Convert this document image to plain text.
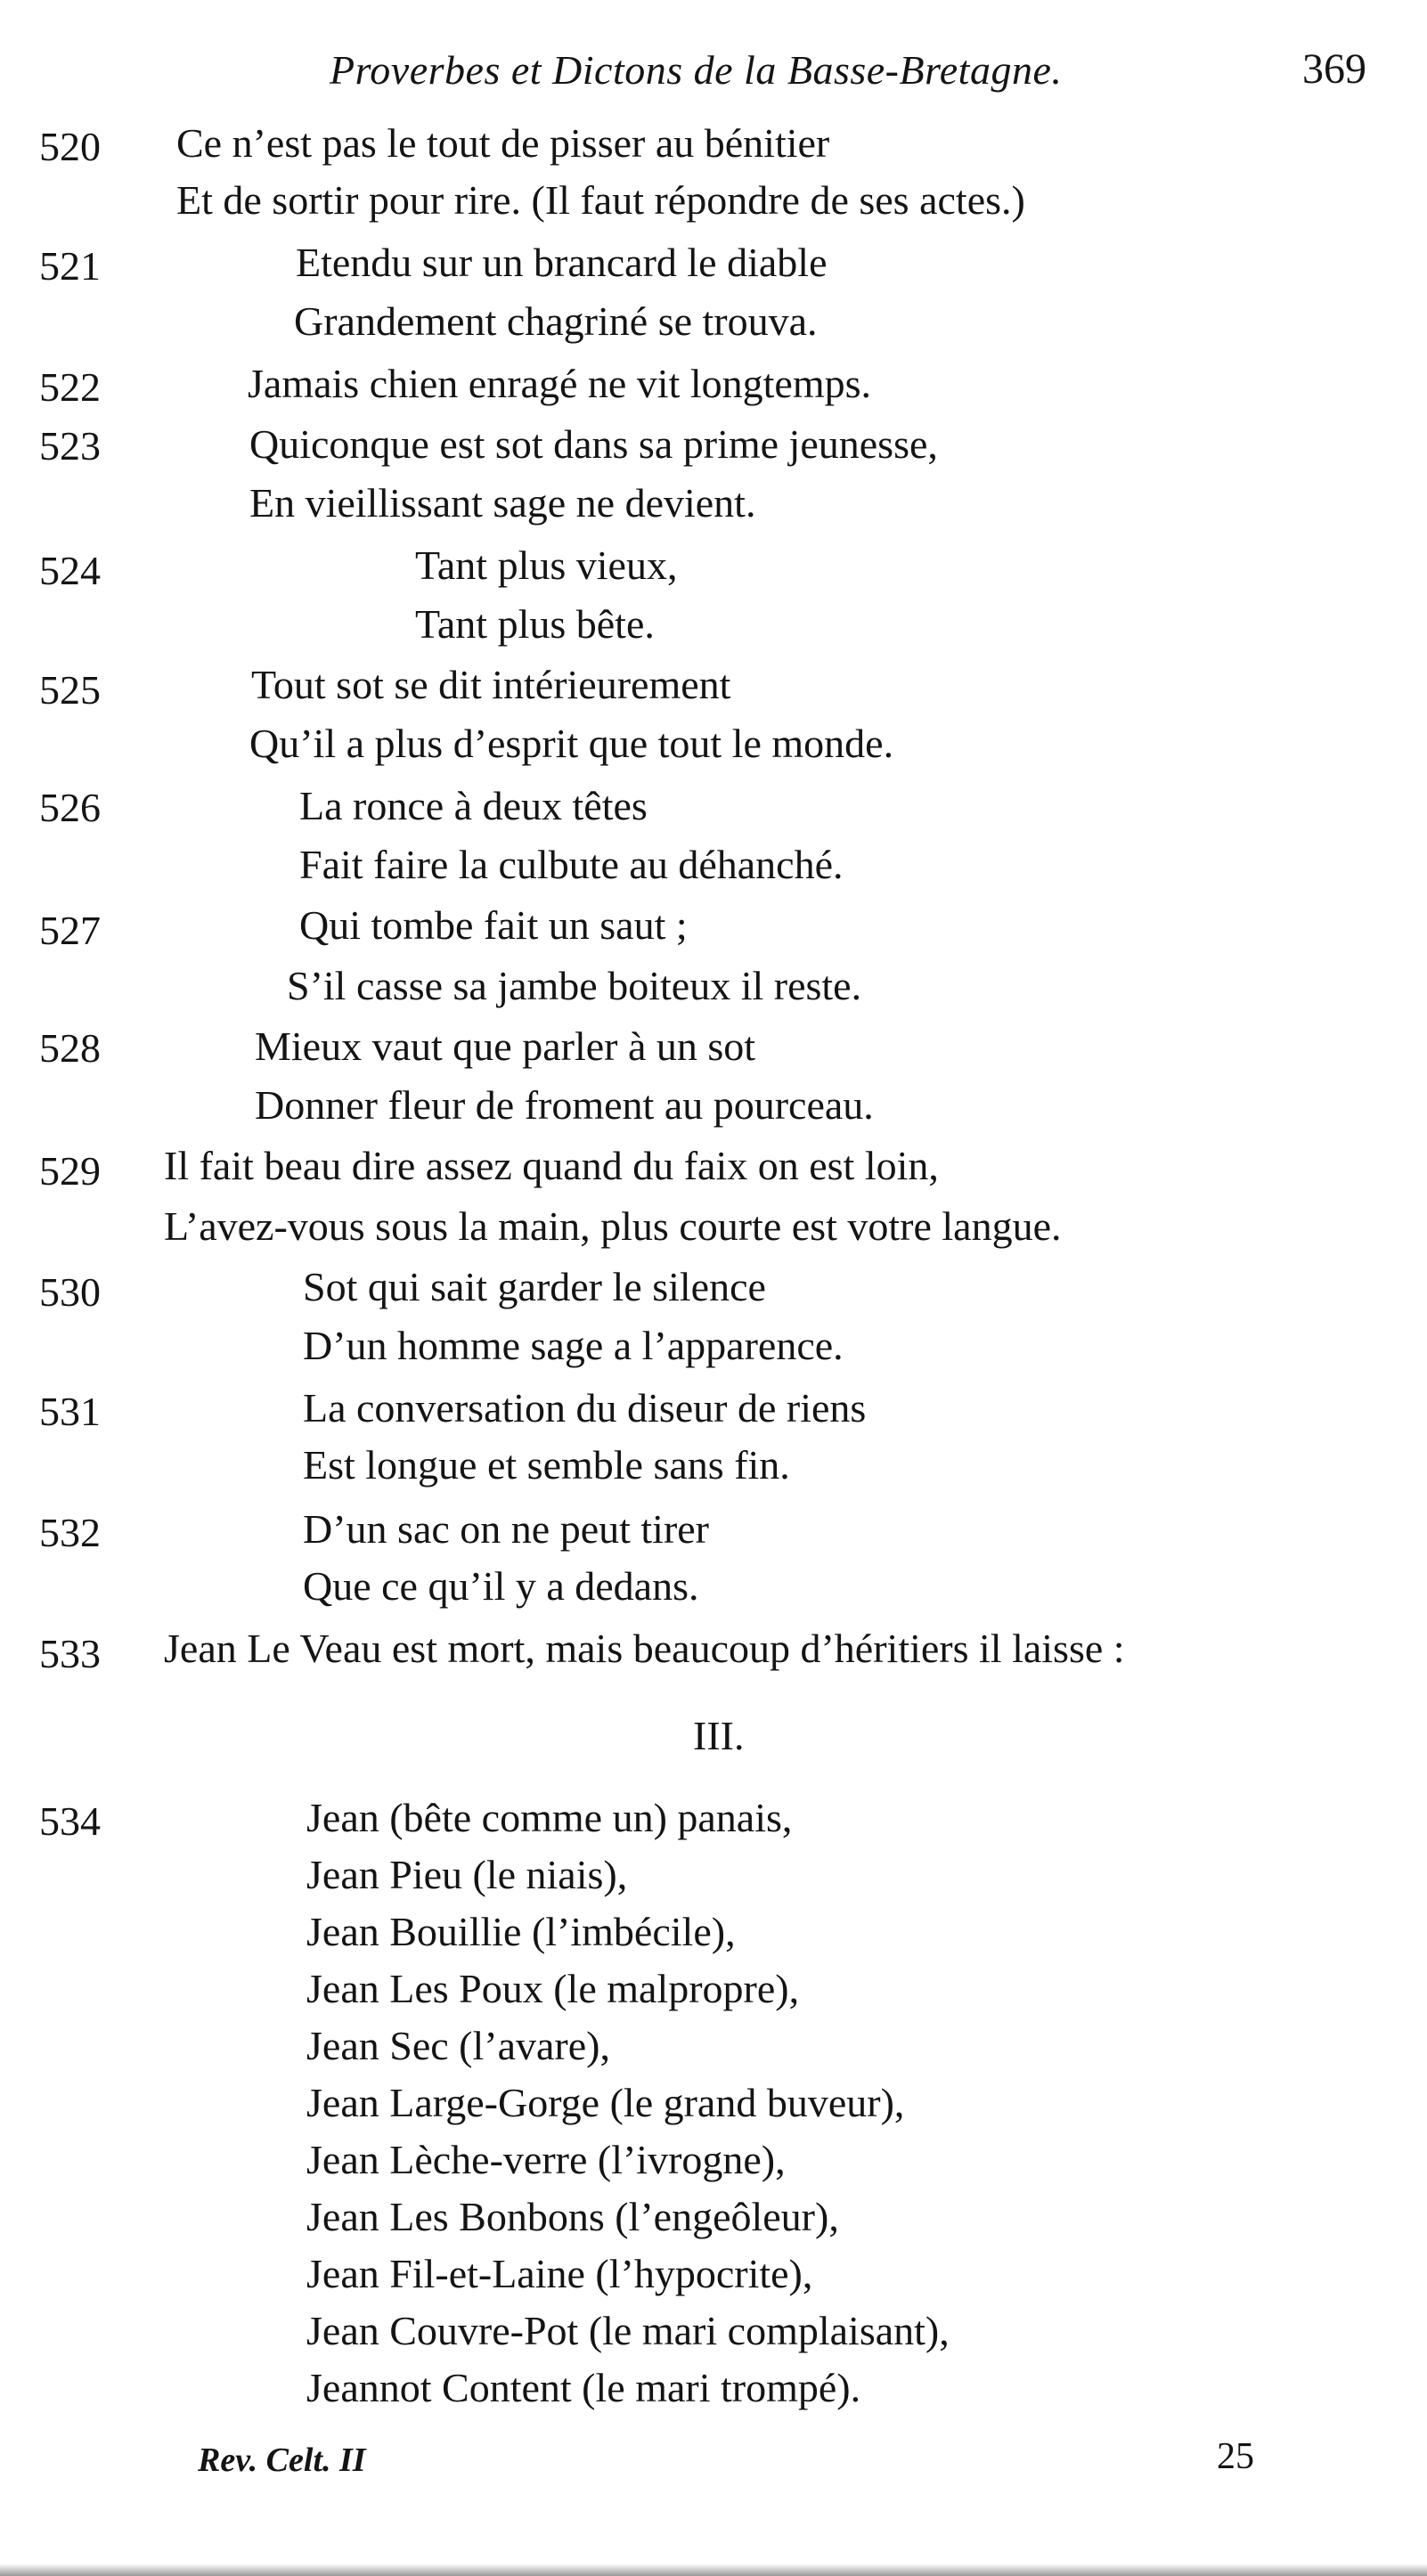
Proverbes et Dictons de la Basse-Bretagne.	369
520 Ce n’est pas le tout de pisser au bénitier
Et de sortir pour rire. (Il faut répondre de ses actes.)
521	Etendu sur un brancard le diable
Grandement chagriné se trouva.
522	Jamais chien enragé ne vit longtemps.
523	Quiconque est sot dans sa prime jeunesse,
En vieillissant sage ne devient.
524	Tant plus vieux,
Tant plus bête.
525	Tout sot se dit intérieurement
Qu’il a plus d’esprit que tout le monde.
526	La ronce à deux têtes
Fait faire la culbute au déhanché.
527	Qui tombe fait un saut ;
S’il casse sa jambe boiteux il reste.
528	Mieux vaut que parler à un sot
Donner fleur de froment au pourceau.
529 Il fait beau dire assez quand du faix on est loin,
L’avez-vous sous la main, plus courte est votre langue.
530	Sot qui sait garder le silence
D’un homme sage a l’apparence.
531	La conversation du diseur de riens
Est longue et semble sans fin.
532	D’un sac on ne peut tirer
Que ce qu’il y a dedans.
533 Jean Le Veau est mort, mais beaucoup d’héritiers il laisse :
III.
534	Jean (bête comme un) panais,
Jean Pieu (le niais),
Jean Bouillie (l’imbécile),
Jean Les Poux (le malpropre),
Jean Sec (l’avare),
Jean Large-Gorge (le grand buveur),
Jean Lèche-verre (l’ivrogne),
Jean Les Bonbons (l’engeôleur),
Jean Fil-et-Laine (l’hypocrite),
Jean Couvre-Pot (le mari complaisant),
Jeannot Content (le mari trompé).
Rev. Celt. II	25
